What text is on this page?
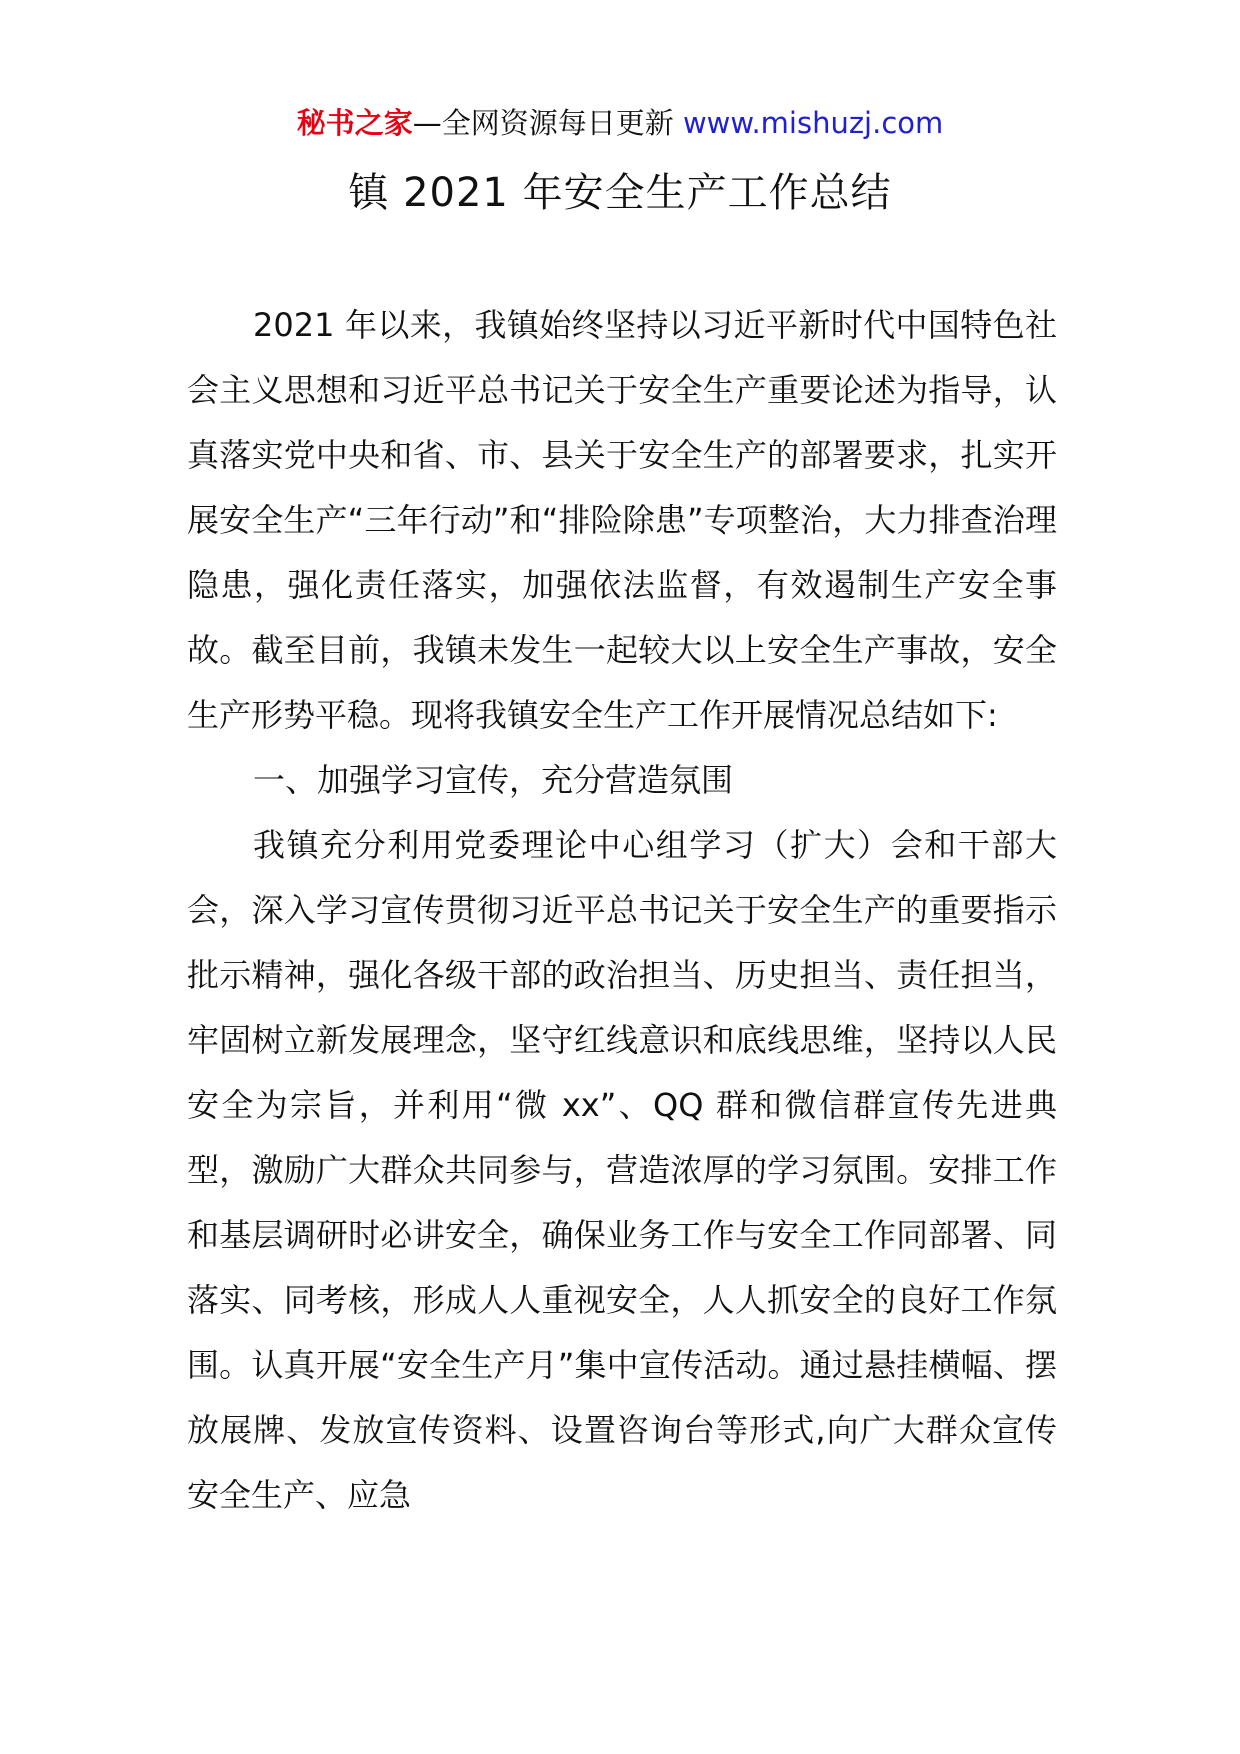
秘书之家—全网资源每日更新 www.mishuzj.com
镇 2021 年安全生产工作总结

2021 年以来，我镇始终坚持以习近平新时代中国特色社会主义思想和习近平总书记关于安全生产重要论述为指导，认真落实党中央和省、市、县关于安全生产的部署要求，扎实开展安全生产“三年行动”和“排险除患”专项整治，大力排查治理隐患，强化责任落实，加强依法监督，有效遏制生产安全事故。截至目前，我镇未发生一起较大以上安全生产事故，安全生产形势平稳。现将我镇安全生产工作开展情况总结如下:

一、加强学习宣传，充分营造氛围

我镇充分利用党委理论中心组学习（扩大）会和干部大会，深入学习宣传贯彻习近平总书记关于安全生产的重要指示批示精神，强化各级干部的政治担当、历史担当、责任担当，牢固树立新发展理念，坚守红线意识和底线思维，坚持以人民安全为宗旨，并利用“微 xx”、QQ 群和微信群宣传先进典型，激励广大群众共同参与，营造浓厚的学习氛围。安排工作和基层调研时必讲安全，确保业务工作与安全工作同部署、同落实、同考核，形成人人重视安全，人人抓安全的良好工作氛围。认真开展“安全生产月”集中宣传活动。通过悬挂横幅、摆放展牌、发放宣传资料、设置咨询台等形式,向广大群众宣传安全生产、应急
